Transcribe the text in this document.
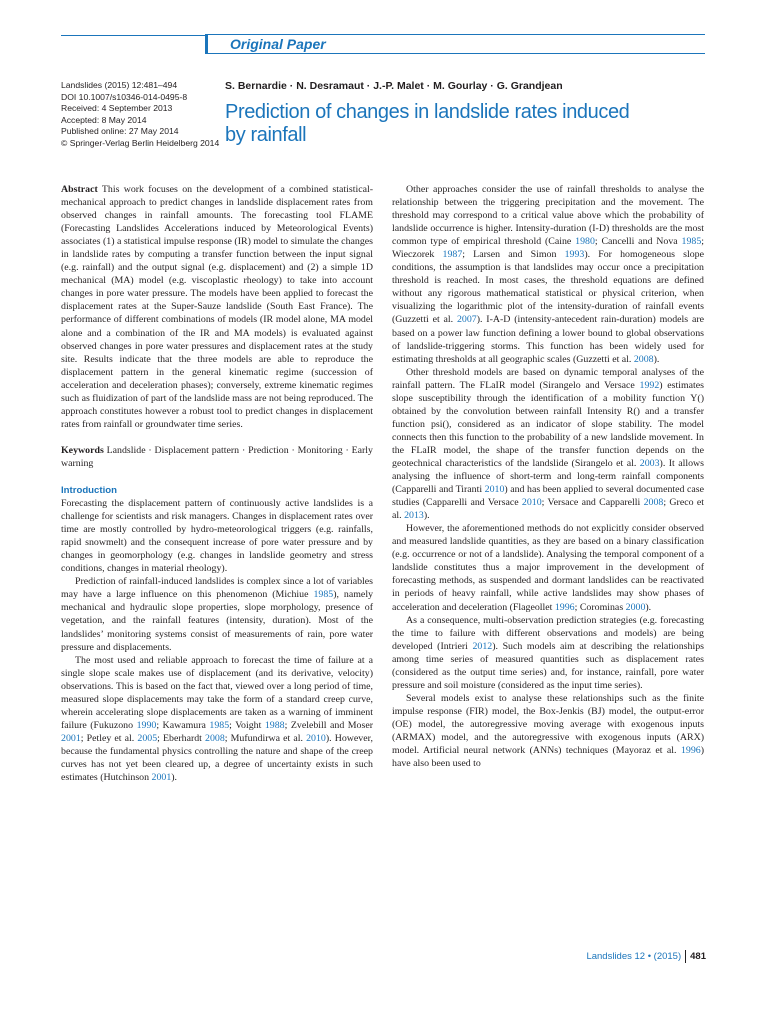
Original Paper
Landslides (2015) 12:481–494
DOI 10.1007/s10346-014-0495-8
Received: 4 September 2013
Accepted: 8 May 2014
Published online: 27 May 2014
© Springer-Verlag Berlin Heidelberg 2014
S. Bernardie · N. Desramaut · J.-P. Malet · M. Gourlay · G. Grandjean
Prediction of changes in landslide rates induced
by rainfall

Abstract This work focuses on the development of a combined statistical-mechanical approach to predict changes in landslide displacement rates from observed changes in rainfall amounts. The forecasting tool FLAME (Forecasting Landslides Accelerations induced by Meteorological Events) associates (1) a statistical impulse response (IR) model to simulate the changes in landslide rates by computing a transfer function between the input signal (e.g. rainfall) and the output signal (e.g. displacement) and (2) a simple 1D mechanical (MA) model (e.g. viscoplastic rheology) to take into account changes in pore water pressure. The models have been applied to forecast the displacement rates at the Super-Sauze landslide (South East France). The performance of different combinations of models (IR model alone, MA model alone and a combination of the IR and MA models) is evaluated against observed changes in pore water pressures and displacement rates at the study site. Results indicate that the three models are able to reproduce the displacement pattern in the general kinematic regime (succession of acceleration and deceleration phases); conversely, extreme kinematic regimes such as fluidization of part of the landslide mass are not being reproduced. The approach constitutes however a robust tool to predict changes in displacement rates from rainfall or groundwater time series.

Keywords Landslide · Displacement pattern · Prediction · Monitoring · Early warning

Introduction

Forecasting the displacement pattern of continuously active landslides is a challenge for scientists and risk managers. Changes in displacement rates over time are mostly controlled by hydro-meteorological triggers (e.g. rainfalls, rapid snowmelt) and the consequent increase of pore water pressure and by changes in geomorphology (e.g. changes in landslide geometry and stress conditions, changes in material rheology).

Prediction of rainfall-induced landslides is complex since a lot of variables may have a large influence on this phenomenon (Michiue 1985), namely mechanical and hydraulic slope properties, slope morphology, presence of vegetation, and the rainfall features (intensity, duration). Most of the landslides’ monitoring systems consist of measurements of rain, pore water pressure and displacements.

The most used and reliable approach to forecast the time of failure at a single slope scale makes use of displacement (and its derivative, velocity) observations. This is based on the fact that, viewed over a long period of time, measured slope displacements may take the form of a standard creep curve, wherein accelerating slope displacements are taken as a warning of imminent failure (Fukuzono 1990; Kawamura 1985; Voight 1988; Zvelebill and Moser 2001; Petley et al. 2005; Eberhardt 2008; Mufundirwa et al. 2010). However, because the fundamental physics controlling the nature and shape of the creep curves has not yet been cleared up, a degree of uncertainty exists in such estimates (Hutchinson 2001).

Other approaches consider the use of rainfall thresholds to analyse the relationship between the triggering precipitation and the movement. The threshold may correspond to a critical value above which the probability of landslide occurrence is higher. Intensity-duration (I-D) thresholds are the most common type of empirical threshold (Caine 1980; Cancelli and Nova 1985; Wieczorek 1987; Larsen and Simon 1993). For homogeneous slope conditions, the assumption is that landslides may occur once a precipitation threshold is reached. In most cases, the threshold equations are defined without any rigorous mathematical statistical or physical criterion, when visualizing the logarithmic plot of the intensity-duration of rainfall events (Guzzetti et al. 2007). I-A-D (intensity-antecedent rain-duration) models are based on a power law function defining a lower bound to global observations of landslide-triggering storms. This function has been widely used for estimating thresholds at all geographic scales (Guzzetti et al. 2008).

Other threshold models are based on dynamic temporal analyses of the rainfall pattern. The FLaIR model (Sirangelo and Versace 1992) estimates slope susceptibility through the identification of a mobility function Y() obtained by the convolution between rainfall Intensity R() and a transfer function psi(), considered as an indicator of slope stability. The model connects then this function to the probability of a new landslide movement. In the FLaIR model, the shape of the transfer function depends on the geotechnical characteristics of the landslide (Sirangelo et al. 2003). It allows analysing the influence of short-term and long-term rainfall components (Capparelli and Tiranti 2010) and has been applied to several documented case studies (Capparelli and Versace 2010; Versace and Capparelli 2008; Greco et al. 2013).

However, the aforementioned methods do not explicitly consider observed and measured landslide quantities, as they are based on a binary classification (e.g. occurrence or not of a landslide). Analysing the temporal component of a landslide constitutes thus a major improvement in the development of forecasting methods, as suspended and dormant landslides can be reactivated in periods of heavy rainfall, while active landslides may show phases of acceleration and deceleration (Flageollet 1996; Corominas 2000).

As a consequence, multi-observation prediction strategies (e.g. forecasting the time to failure with different observations and models) are being developed (Intrieri 2012). Such models aim at describing the relationships among time series of measured quantities such as displacement rates (considered as the output time series) and, for instance, rainfall, pore water pressure and soil moisture (considered as the input time series).

Several models exist to analyse these relationships such as the finite impulse response (FIR) model, the Box-Jenkis (BJ) model, the output-error (OE) model, the autoregressive moving average with exogenous inputs (ARMAX) model, and the autoregressive with exogenous inputs (ARX) model. Artificial neural network (ANNs) techniques (Mayoraz et al. 1996) have also been used to

Landslides 12 • (2015) 481
